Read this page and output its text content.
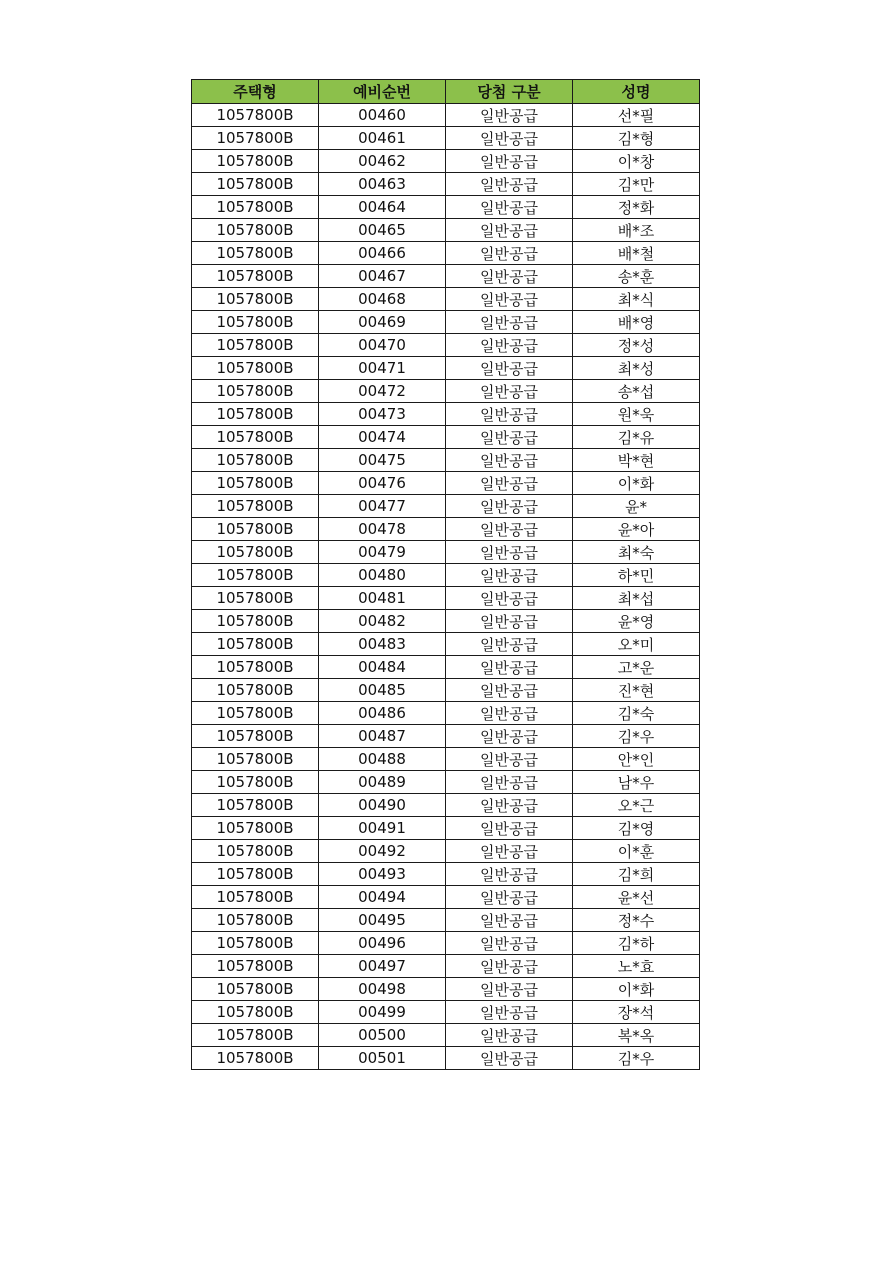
주택형	예비순번	당첨 구분	성명
1057800B	00460	일반공급	선*필
1057800B	00461	일반공급	김*형
1057800B	00462	일반공급	이*창
1057800B	00463	일반공급	김*만
1057800B	00464	일반공급	정*화
1057800B	00465	일반공급	배*조
1057800B	00466	일반공급	배*철
1057800B	00467	일반공급	송*훈
1057800B	00468	일반공급	최*식
1057800B	00469	일반공급	배*영
1057800B	00470	일반공급	정*성
1057800B	00471	일반공급	최*성
1057800B	00472	일반공급	송*섭
1057800B	00473	일반공급	원*욱
1057800B	00474	일반공급	김*유
1057800B	00475	일반공급	박*현
1057800B	00476	일반공급	이*화
1057800B	00477	일반공급	윤*
1057800B	00478	일반공급	윤*아
1057800B	00479	일반공급	최*숙
1057800B	00480	일반공급	하*민
1057800B	00481	일반공급	최*섭
1057800B	00482	일반공급	윤*영
1057800B	00483	일반공급	오*미
1057800B	00484	일반공급	고*운
1057800B	00485	일반공급	진*현
1057800B	00486	일반공급	김*숙
1057800B	00487	일반공급	김*우
1057800B	00488	일반공급	안*인
1057800B	00489	일반공급	남*우
1057800B	00490	일반공급	오*근
1057800B	00491	일반공급	김*영
1057800B	00492	일반공급	이*훈
1057800B	00493	일반공급	김*희
1057800B	00494	일반공급	윤*선
1057800B	00495	일반공급	정*수
1057800B	00496	일반공급	김*하
1057800B	00497	일반공급	노*효
1057800B	00498	일반공급	이*화
1057800B	00499	일반공급	장*석
1057800B	00500	일반공급	복*옥
1057800B	00501	일반공급	김*우
